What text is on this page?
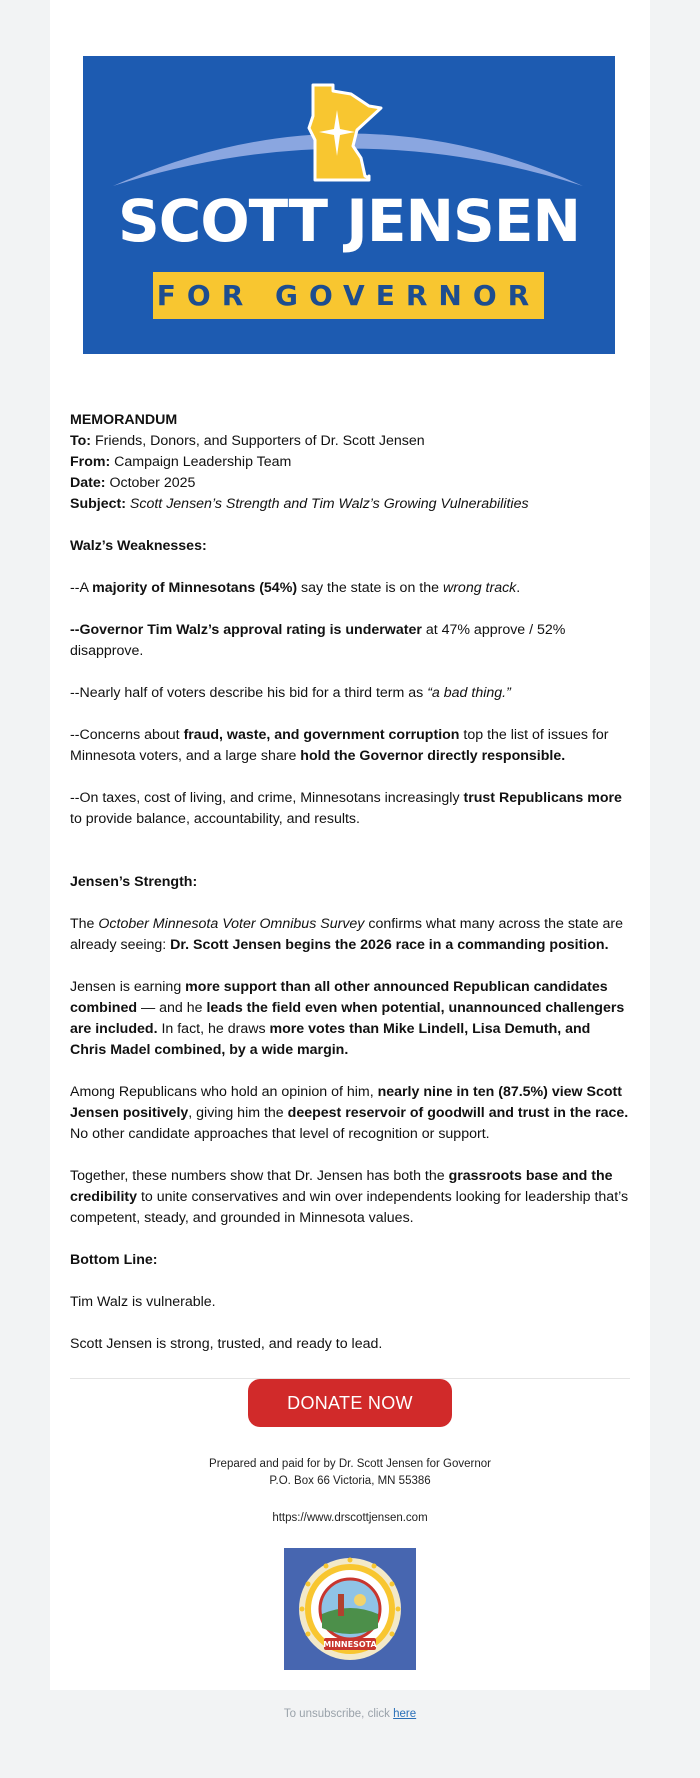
SCOTT JENSEN
FOR GOVERNOR
MEMORANDUM
To: Friends, Donors, and Supporters of Dr. Scott Jensen
From: Campaign Leadership Team
Date: October 2025
Subject: Scott Jensen’s Strength and Tim Walz’s Growing Vulnerabilities

Walz’s Weaknesses:

--A majority of Minnesotans (54%) say the state is on the wrong track.

--Governor Tim Walz’s approval rating is underwater at 47% approve / 52% disapprove.

--Nearly half of voters describe his bid for a third term as “a bad thing.”

--Concerns about fraud, waste, and government corruption top the list of issues for Minnesota voters, and a large share hold the Governor directly responsible.

--On taxes, cost of living, and crime, Minnesotans increasingly trust Republicans more to provide balance, accountability, and results.

Jensen’s Strength:

The October Minnesota Voter Omnibus Survey confirms what many across the state are already seeing: Dr. Scott Jensen begins the 2026 race in a commanding position.

Jensen is earning more support than all other announced Republican candidates combined — and he leads the field even when potential, unannounced challengers are included. In fact, he draws more votes than Mike Lindell, Lisa Demuth, and Chris Madel combined, by a wide margin.

Among Republicans who hold an opinion of him, nearly nine in ten (87.5%) view Scott Jensen positively, giving him the deepest reservoir of goodwill and trust in the race. No other candidate approaches that level of recognition or support.

Together, these numbers show that Dr. Jensen has both the grassroots base and the credibility to unite conservatives and win over independents looking for leadership that’s competent, steady, and grounded in Minnesota values.

Bottom Line:

Tim Walz is vulnerable.

Scott Jensen is strong, trusted, and ready to lead.

DONATE NOW
Prepared and paid for by Dr. Scott Jensen for Governor
P.O. Box 66 Victoria, MN 55386
https://www.drscottjensen.com
MINNESOTA
To unsubscribe, click here
